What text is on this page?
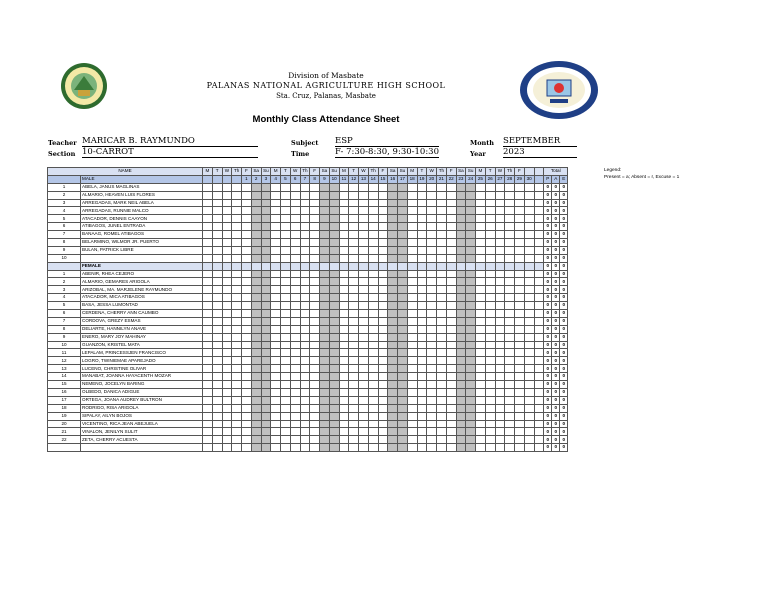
Division of Masbate
PALANAS NATIONAL AGRICULTURE HIGH SCHOOL
Sta. Cruz, Palanas, Masbate
Monthly Class Attendance Sheet
Teacher MARICAR B. RAYMUNDO
Section 10-CARROT
Subject ESP
Time	F- 7:30-8:30, 9:30-10:30
Month SEPTEMBER
Year 2023
NAME		M	T	W	Th	F	Sa	Su	M	T	W	Th	F	Sa	Su	M	T	W	Th	F	Sa	Su	M	T	W	Th	F	Sa	Su	M	T	W	Th	F			Total		
	MALE					1	2	3	4	5	6	7	8	9	10	11	12	13	14	15	16	17	18	19	20	21	22	23	24	25	26	27	28	29	30		P	A	E
1	ABELA, JANUS MAGLINAS																																				0	0	0
2	ALMARIO, HEAVEN LUIS FLORES																																				0	0	0
3	ARREGADAS, MARK NEIL ABELA																																				0	0	0
4	ARREGADAS, RUNNIE MALCO																																				0	0	0
5	ATACADOR, DENNIS CAAYON																																				0	0	0
6	ATIBAGOS, JUNEL ENTRADA																																				0	0	0
7	BANAAG, ROMEL ATIBAGOS																																				0	0	0
8	BELARMINO, WILMOR JR. PUERTO																																				0	0	0
9	BULAN, PATRICK LIBRE																																				0	0	0
10																																					0	0	0
	FEMALE																																				0	0	0
1	ABENIR, RHEA CEJERO																																				0	0	0
2	ALMARIO, GEMARES ARIGOLA																																				0	0	0
3	ARIZOBAL, MA. MARJELENE RAYMUNDO																																				0	0	0
4	ATACADOR, MICA ATIBAGOS																																				0	0	0
5	BASA, JESSA LUMONTAD																																				0	0	0
6	CERDENA, CHERRY ANN CAUMBO																																				0	0	0
7	CORDOVA, GREZY ESMAS																																				0	0	0
8	DELIARTE, HANNILYN ANAVE																																				0	0	0
9	ENERO, MARY JOY MAHINAY																																				0	0	0
10	GUANZON, KRISTEL MATA																																				0	0	0
11	LEPALAM, PRINCESSJEN FRANCISCO																																				0	0	0
12	LOGRO, TWINIEMAE APAREJADO																																				0	0	0
13	LUCENO, CHRISTINE OLIVAR																																				0	0	0
14	MANABAT, JOANNA HAYACENTH MOZAR																																				0	0	0
15	NEMENO, JOCELYN BARING																																				0	0	0
16	OLBEDO, DANICA ADIGUE																																				0	0	0
17	ORTEGA, JOANA AUDREY BULTRON																																				0	0	0
18	RODRIGO, RISA ARIGOLA																																				0	0	0
19	SIPALAY, AILYN BOJOS																																				0	0	0
20	VICENTINO, RICA JEAN ABEJUELA																																				0	0	0
21	VINALON, JENILYN SULIT																																				0	0	0
22	ZETA, CHERRY ACUESTA																																				0	0	0
																																					0	0	0
Legend:
Present = a; Absent = r, Excuse = 1
